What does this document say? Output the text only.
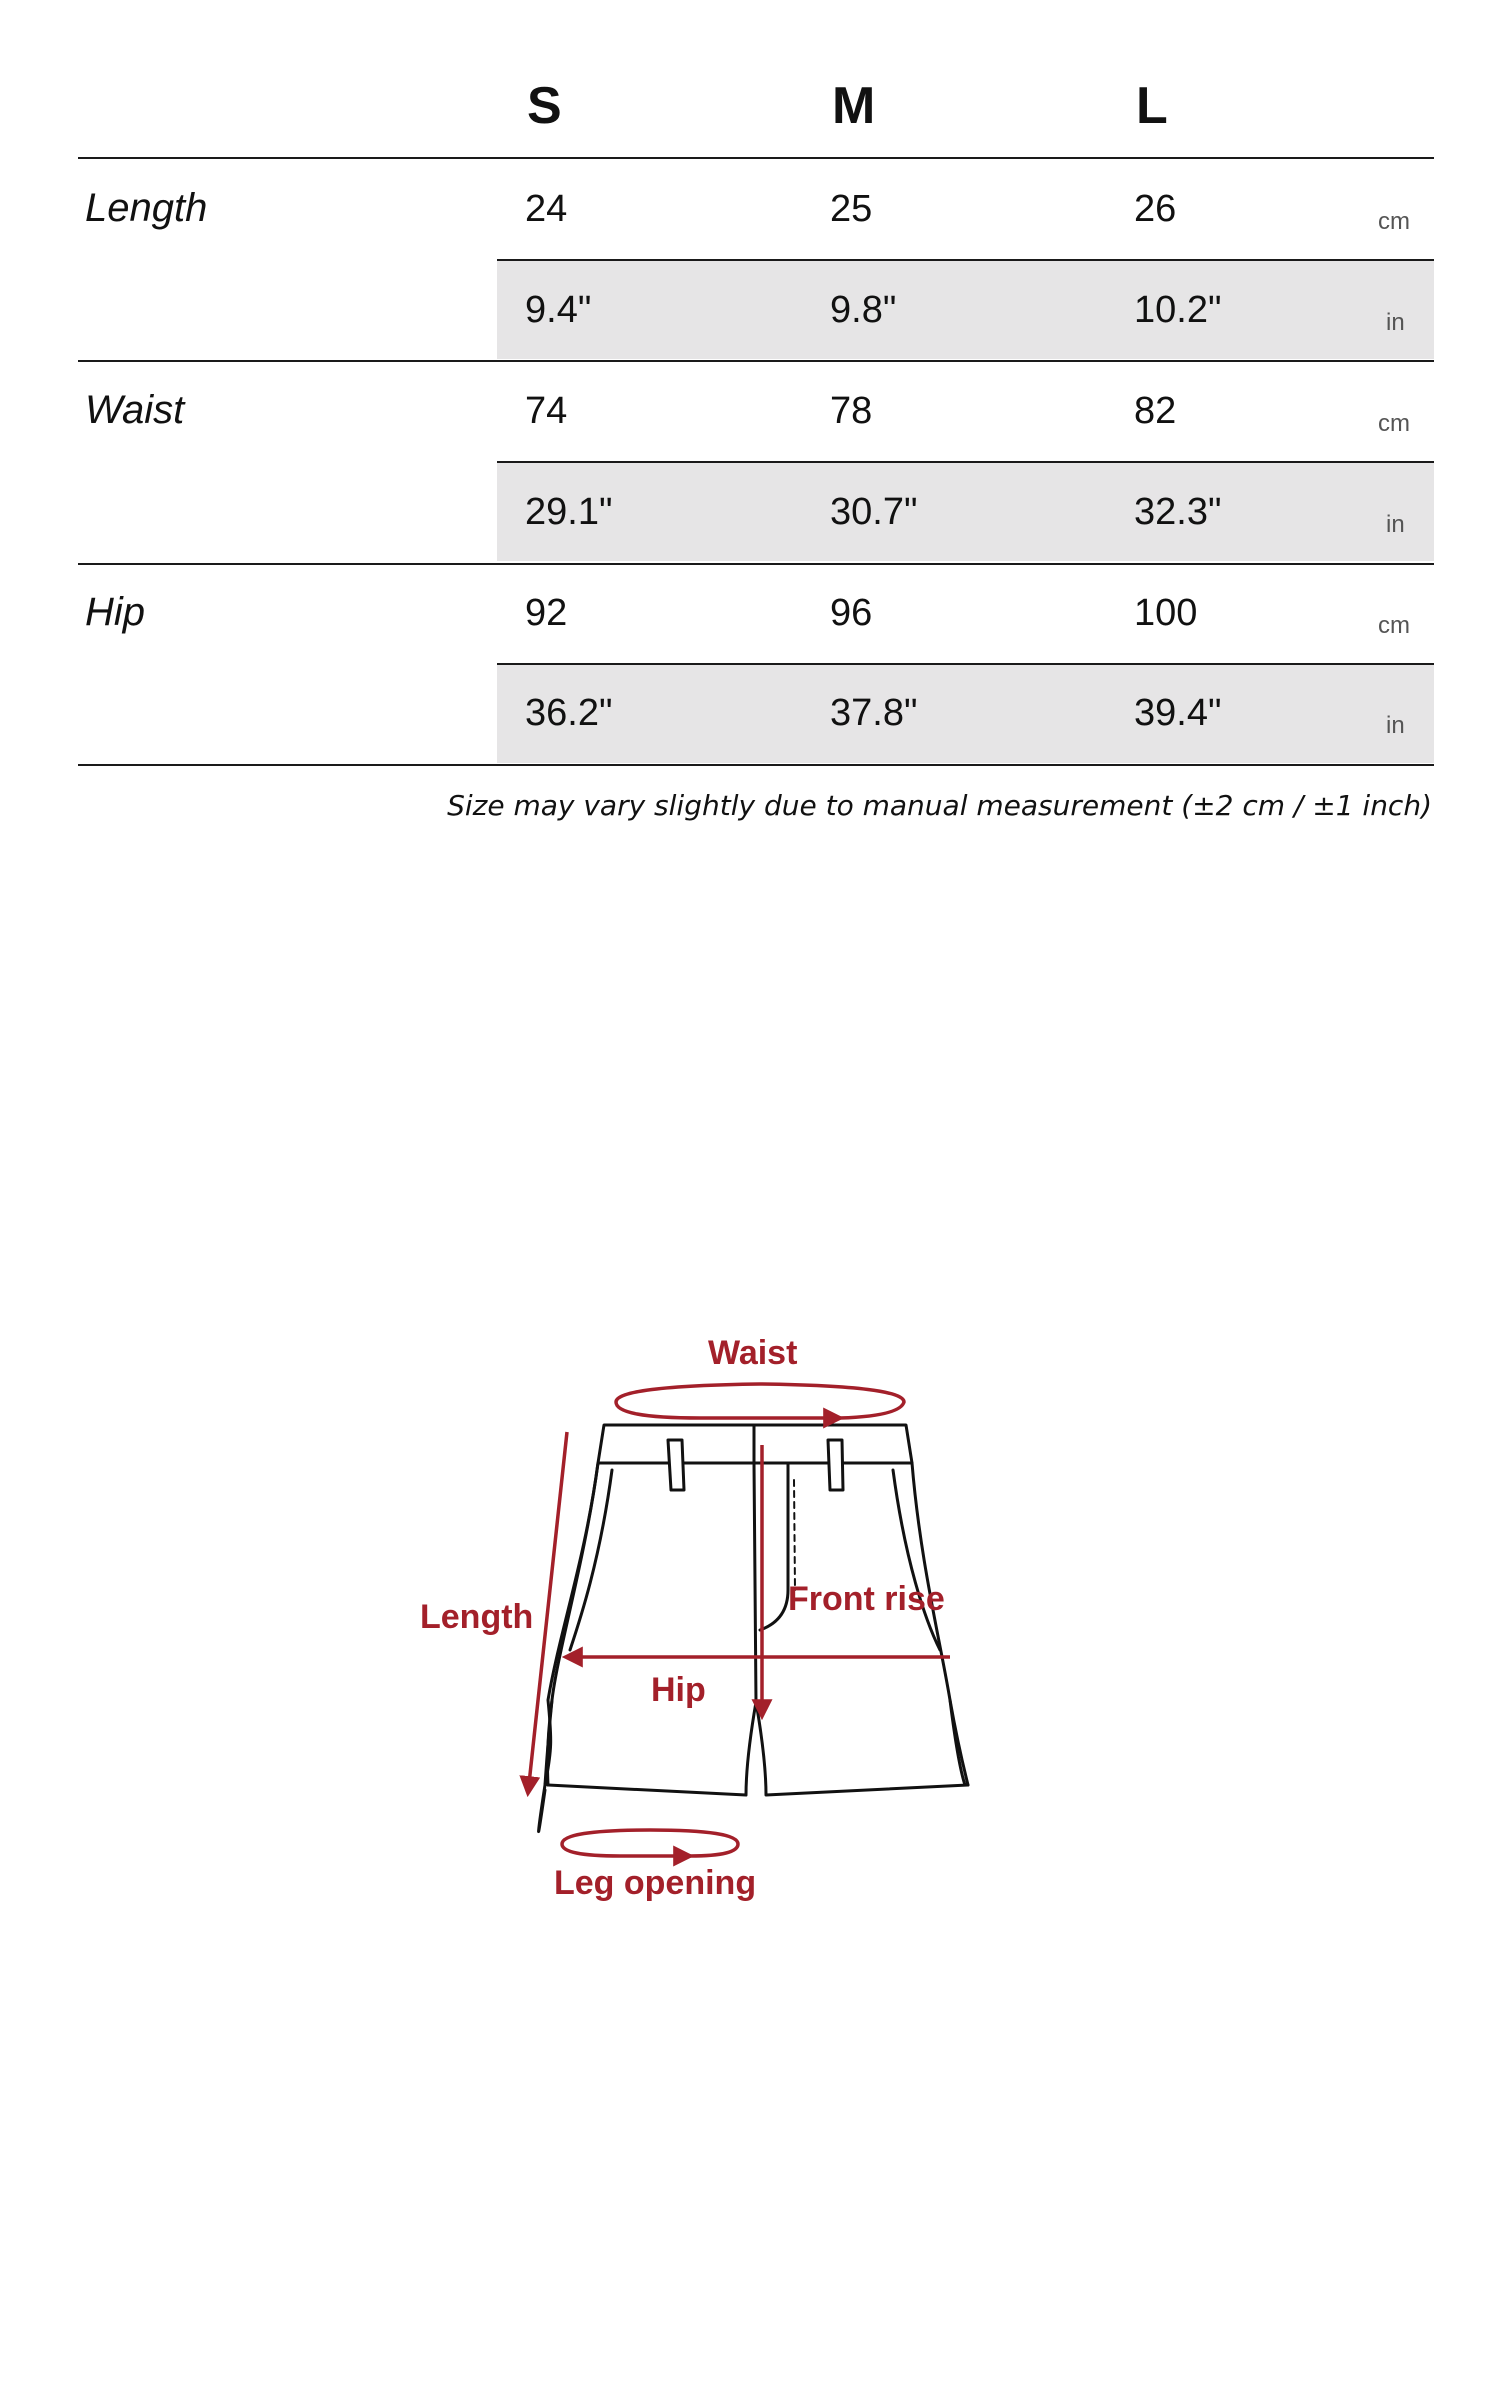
S	M	L
Length	24	25	26	cm
9.4"	9.8"	10.2"	in
Waist	74	78	82	cm
29.1"	30.7"	32.3"	in
Hip	92	96	100	cm
36.2"	37.8"	39.4"	in
Size may vary slightly due to manual measurement (±2 cm / ±1 inch)
Waist
Length	Front rise
Hip
Leg opening
